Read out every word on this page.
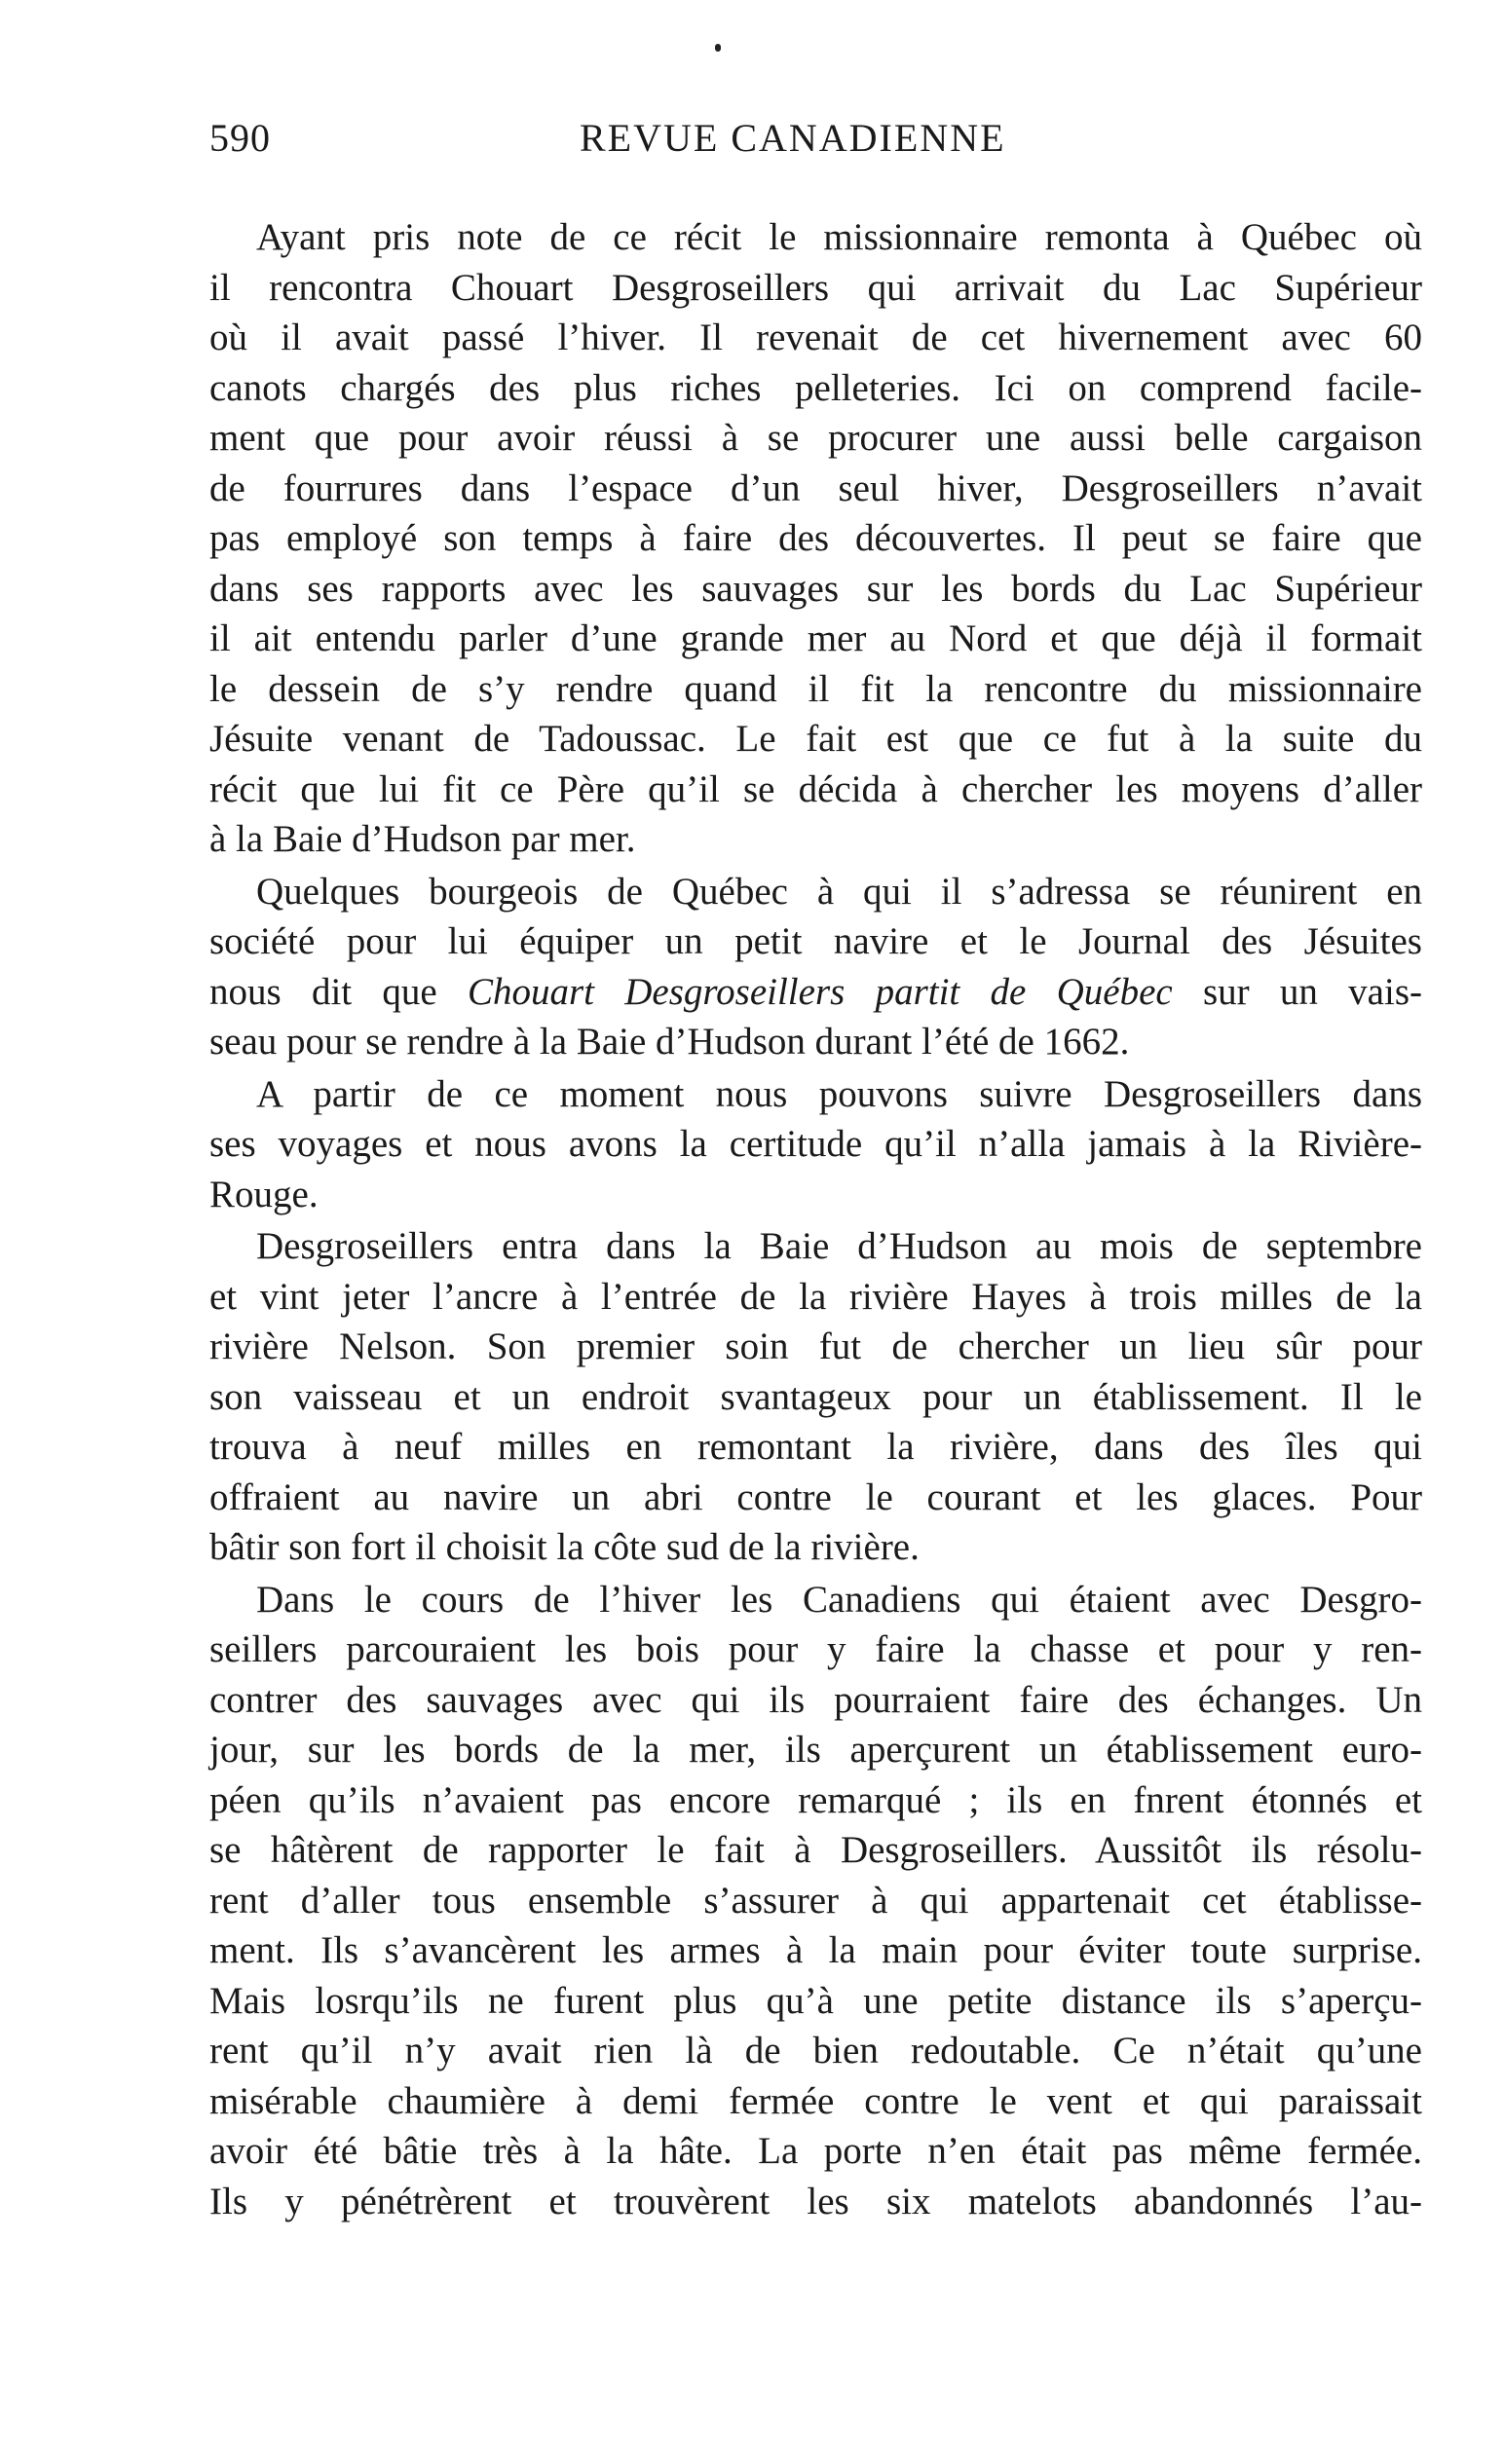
590	REVUE CANADIENNE
Ayant pris note de ce récit le missionnaire remonta à Québec où
il rencontra Chouart Desgroseillers qui arrivait du Lac Supérieur
où il avait passé l’hiver. Il revenait de cet hivernement avec 60
canots chargés des plus riches pelleteries. Ici on comprend facile-
ment que pour avoir réussi à se procurer une aussi belle cargaison
de fourrures dans l’espace d’un seul hiver, Desgroseillers n’avait
pas employé son temps à faire des découvertes. Il peut se faire que
dans ses rapports avec les sauvages sur les bords du Lac Supérieur
il ait entendu parler d’une grande mer au Nord et que déjà il formait
le dessein de s’y rendre quand il fit la rencontre du missionnaire
Jésuite venant de Tadoussac. Le fait est que ce fut à la suite du
récit que lui fit ce Père qu’il se décida à chercher les moyens d’aller
à la Baie d’Hudson par mer.
Quelques bourgeois de Québec à qui il s’adressa se réunirent en
société pour lui équiper un petit navire et le Journal des Jésuites
nous dit que Chouart Desgroseillers partit de Québec sur un vais-
seau pour se rendre à la Baie d’Hudson durant l’été de 1662.
A partir de ce moment nous pouvons suivre Desgroseillers dans
ses voyages et nous avons la certitude qu’il n’alla jamais à la Rivière-
Rouge.
Desgroseillers entra dans la Baie d’Hudson au mois de septembre
et vint jeter l’ancre à l’entrée de la rivière Hayes à trois milles de la
rivière Nelson. Son premier soin fut de chercher un lieu sûr pour
son vaisseau et un endroit svantageux pour un établissement. Il le
trouva à neuf milles en remontant la rivière, dans des îles qui
offraient au navire un abri contre le courant et les glaces. Pour
bâtir son fort il choisit la côte sud de la rivière.
Dans le cours de l’hiver les Canadiens qui étaient avec Desgro-
seillers parcouraient les bois pour y faire la chasse et pour y ren-
contrer des sauvages avec qui ils pourraient faire des échanges. Un
jour, sur les bords de la mer, ils aperçurent un établissement euro-
péen qu’ils n’avaient pas encore remarqué ; ils en fnrent étonnés et
se hâtèrent de rapporter le fait à Desgroseillers. Aussitôt ils résolu-
rent d’aller tous ensemble s’assurer à qui appartenait cet établisse-
ment. Ils s’avancèrent les armes à la main pour éviter toute surprise.
Mais losrqu’ils ne furent plus qu’à une petite distance ils s’aperçu-
rent qu’il n’y avait rien là de bien redoutable. Ce n’était qu’une
misérable chaumière à demi fermée contre le vent et qui paraissait
avoir été bâtie très à la hâte. La porte n’en était pas même fermée.
Ils y pénétrèrent et trouvèrent les six matelots abandonnés l’au-
